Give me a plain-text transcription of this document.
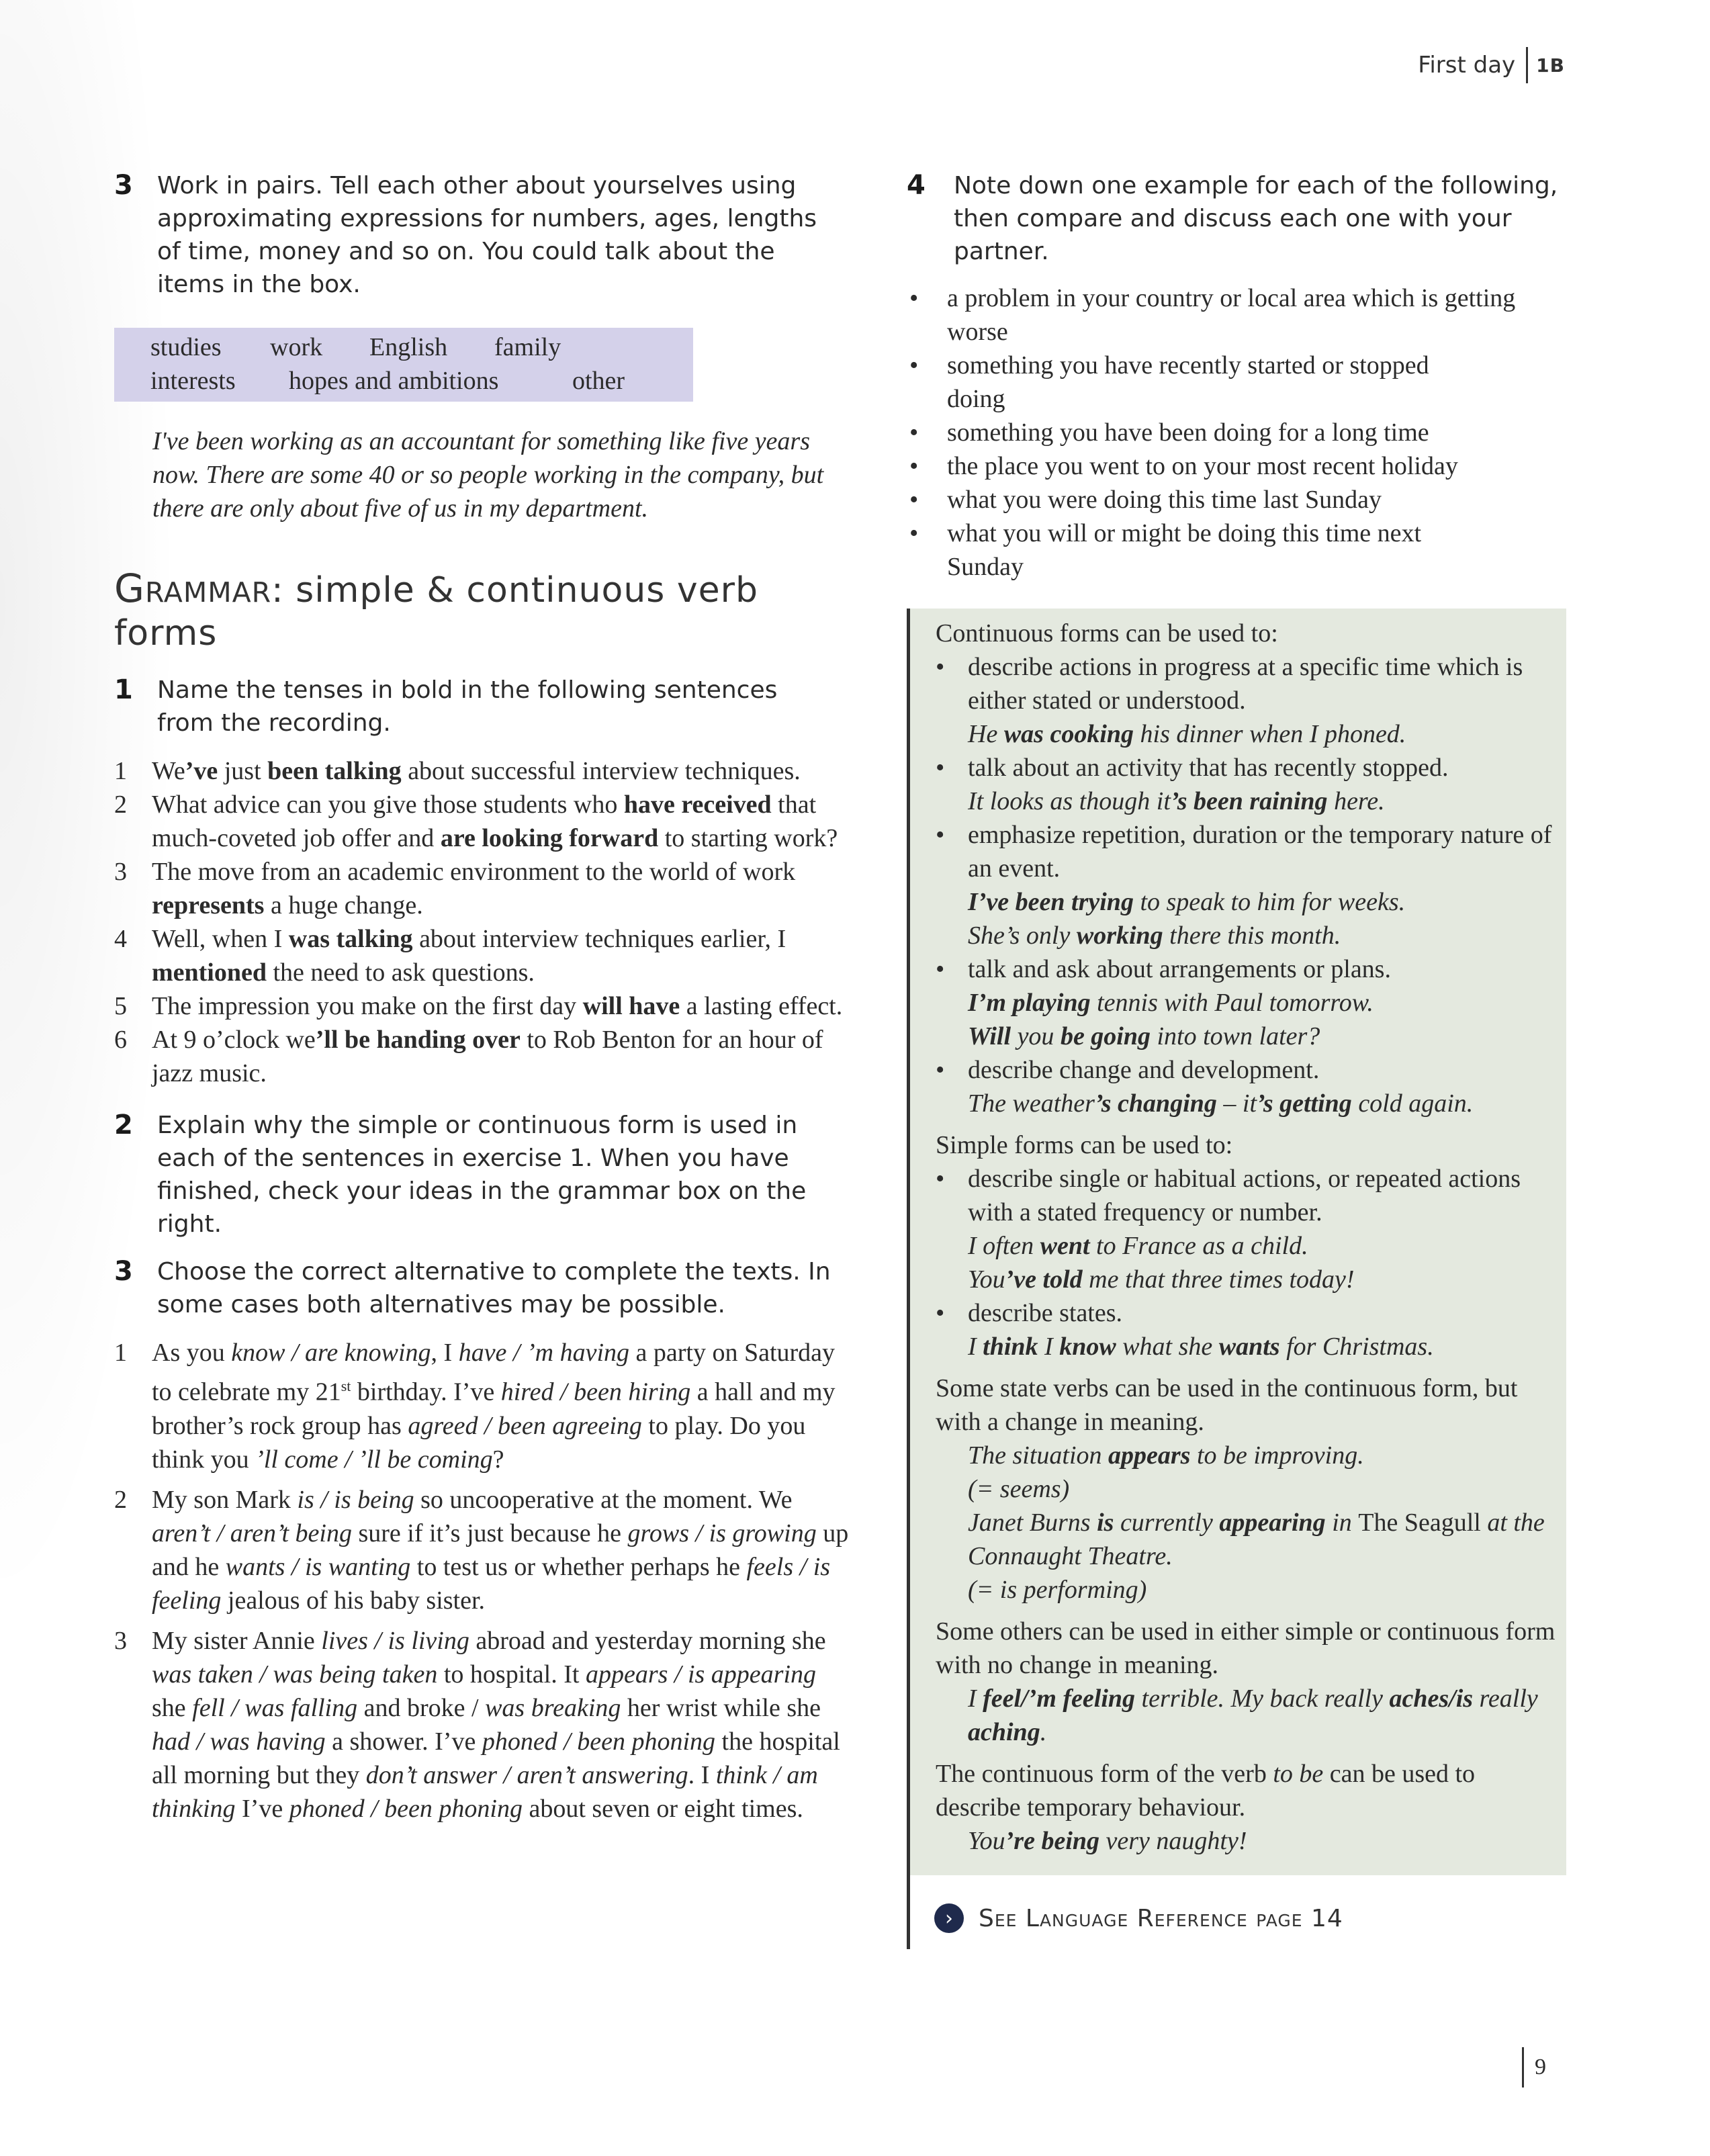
First day 1B
3	Work in pairs. Tell each other about yourselves using approximating expressions for numbers, ages, lengths of time, money and so on. You could talk about the items in the box.
studies	work	English	family
interests	hopes and ambitions	other
I've been working as an accountant for something like five years now. There are some 40 or so people working in the company, but there are only about five of us in my department.
Grammar: simple & continuous verb forms
1	Name the tenses in bold in the following sentences from the recording.
1 We’ve just been talking about successful interview techniques.
2 What advice can you give those students who have received that much-coveted job offer and are looking forward to starting work?
3 The move from an academic environment to the world of work represents a huge change.
4 Well, when I was talking about interview techniques earlier, I mentioned the need to ask questions.
5 The impression you make on the first day will have a lasting effect.
6 At 9 o’clock we’ll be handing over to Rob Benton for an hour of jazz music.
2	Explain why the simple or continuous form is used in each of the sentences in exercise 1. When you have finished, check your ideas in the grammar box on the right.
3	Choose the correct alternative to complete the texts. In some cases both alternatives may be possible.
1 As you know / are knowing, I have / ’m having a party on Saturday to celebrate my 21st birthday. I’ve hired / been hiring a hall and my brother’s rock group has agreed / been agreeing to play. Do you think you ’ll come / ’ll be coming?
2 My son Mark is / is being so uncooperative at the moment. We aren’t / aren’t being sure if it’s just because he grows / is growing up and he wants / is wanting to test us or whether perhaps he feels / is feeling jealous of his baby sister.
3 My sister Annie lives / is living abroad and yesterday morning she was taken / was being taken to hospital. It appears / is appearing she fell / was falling and broke / was breaking her wrist while she had / was having a shower. I’ve phoned / been phoning the hospital all morning but they don’t answer / aren’t answering. I think / am thinking I’ve phoned / been phoning about seven or eight times.
4	Note down one example for each of the following, then compare and discuss each one with your partner.
•	a problem in your country or local area which is getting worse
•	something you have recently started or stopped doing
•	something you have been doing for a long time
•	the place you went to on your most recent holiday
•	what you were doing this time last Sunday
•	what you will or might be doing this time next Sunday

Continuous forms can be used to:

• describe actions in progress at a specific time which is either stated or understood.

He was cooking his dinner when I phoned.

• talk about an activity that has recently stopped.

It looks as though it’s been raining here.

• emphasize repetition, duration or the temporary nature of an event.

I’ve been trying to speak to him for weeks.

She’s only working there this month.

• talk and ask about arrangements or plans.

I’m playing tennis with Paul tomorrow.

Will you be going into town later?

• describe change and development.

The weather’s changing – it’s getting cold again.

Simple forms can be used to:

• describe single or habitual actions, or repeated actions with a stated frequency or number.

I often went to France as a child.

You’ve told me that three times today!

• describe states.

I think I know what she wants for Christmas.

Some state verbs can be used in the continuous form, but with a change in meaning.

The situation appears to be improving.

(= seems)

Janet Burns is currently appearing in The Seagull at the Connaught Theatre.

(= is performing)

Some others can be used in either simple or continuous form with no change in meaning.

I feel/’m feeling terrible. My back really aches/is really aching.

The continuous form of the verb to be can be used to describe temporary behaviour.

You’re being very naughty!

›	See Language Reference page 14
9
